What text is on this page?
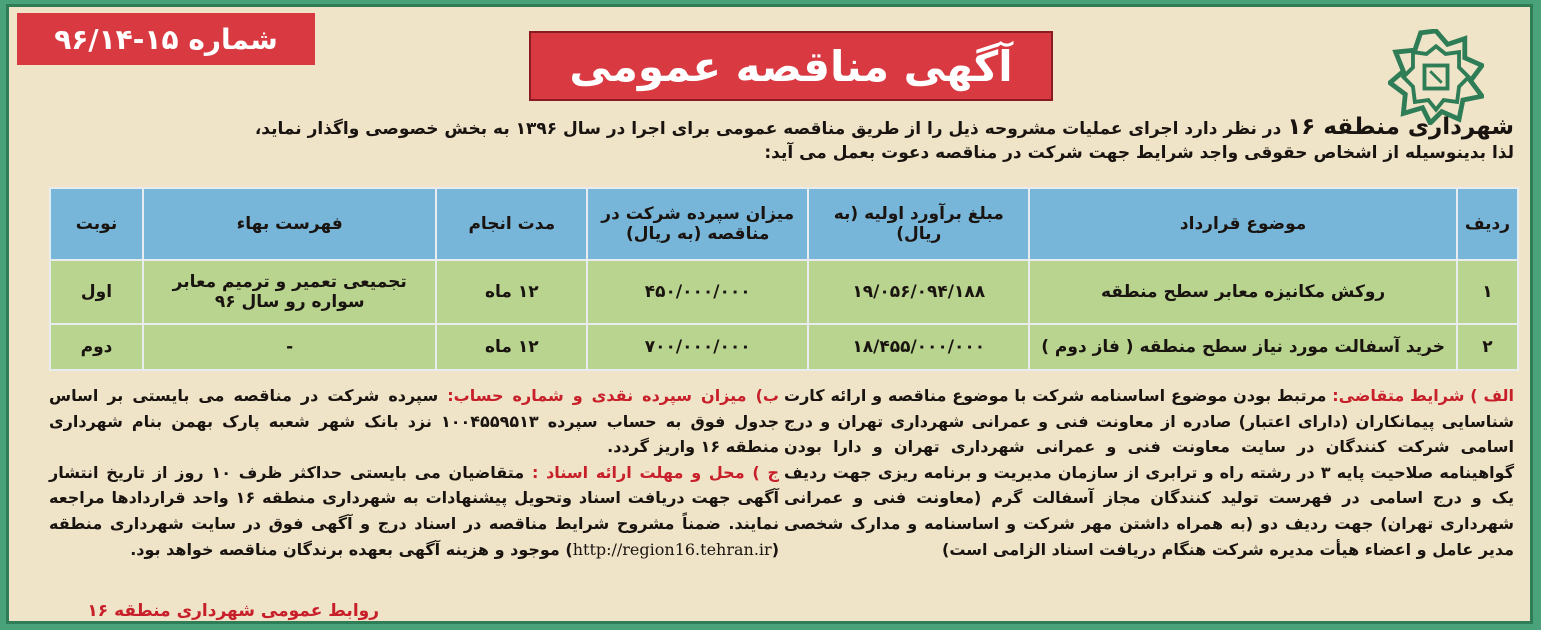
آگهی مناقصه عمومی
شماره ۱۵-۹۶/۱۴
شهرداری منطقه ۱۶ در نظر دارد اجرای عملیات مشروحه ذیل را از طریق مناقصه عمومی برای اجرا در سال ۱۳۹۶ به بخش خصوصی واگذار نماید،
لذا بدینوسیله از اشخاص حقوقی واجد شرایط جهت شرکت در مناقصه دعوت بعمل می آید:
ردیف	موضوع قرارداد	مبلغ برآورد اولیه (به ریال)	میزان سپرده شرکت در مناقصه (به ریال)	مدت انجام	فهرست بهاء	نوبت
۱	روکش مکانیزه معابر سطح منطقه	۱۹/۰۵۶/۰۹۴/۱۸۸	۴۵۰/۰۰۰/۰۰۰	۱۲ ماه	تجمیعی تعمیر و ترمیم معابر سواره رو سال ۹۶	اول
۲	خرید آسفالت مورد نیاز سطح منطقه ( فاز دوم )	۱۸/۴۵۵/۰۰۰/۰۰۰	۷۰۰/۰۰۰/۰۰۰	۱۲ ماه	-	دوم
الف ) شرایط متقاضی: مرتبط بودن موضوع اساسنامه شرکت با موضوع مناقصه و ارائه کارت شناسایی پیمانکاران (دارای اعتبار) صادره از معاونت فنی و عمرانی شهرداری تهران و درج اسامی شرکت کنندگان در سایت معاونت فنی و عمرانی شهرداری تهران و دارا بودن گواهینامه صلاحیت پایه ۳ در رشته راه و ترابری از سازمان مدیریت و برنامه ریزی جهت ردیف یک و درج اسامی در فهرست تولید کنندگان مجاز آسفالت گرم (معاونت فنی و عمرانی شهرداری تهران) جهت ردیف دو (به همراه داشتن مهر شرکت و اساسنامه و مدارک شخصی مدیر عامل و اعضاء هیأت مدیره شرکت هنگام دریافت اسناد الزامی است)
ب) میزان سپرده نقدی و شماره حساب: سپرده شرکت در مناقصه می بایستی بر اساس جدول فوق به حساب سپرده ۱۰۰۴۵۵۹۵۱۳ نزد بانک شهر شعبه پارک بهمن بنام شهرداری منطقه ۱۶ واریز گردد.
ج ) محل و مهلت ارائه اسناد : متقاضیان می بایستی حداکثر ظرف ۱۰ روز از تاریخ انتشار آگهی جهت دریافت اسناد وتحویل پیشنهادات به شهرداری منطقه ۱۶ واحد قراردادها مراجعه نمایند. ضمناً مشروح شرایط مناقصه در اسناد درج و آگهی فوق در سایت شهرداری منطقه (http://region16.tehran.ir) موجود و هزینه آگهی بعهده برندگان مناقصه خواهد بود.
روابط عمومی شهرداری منطقه ۱۶
